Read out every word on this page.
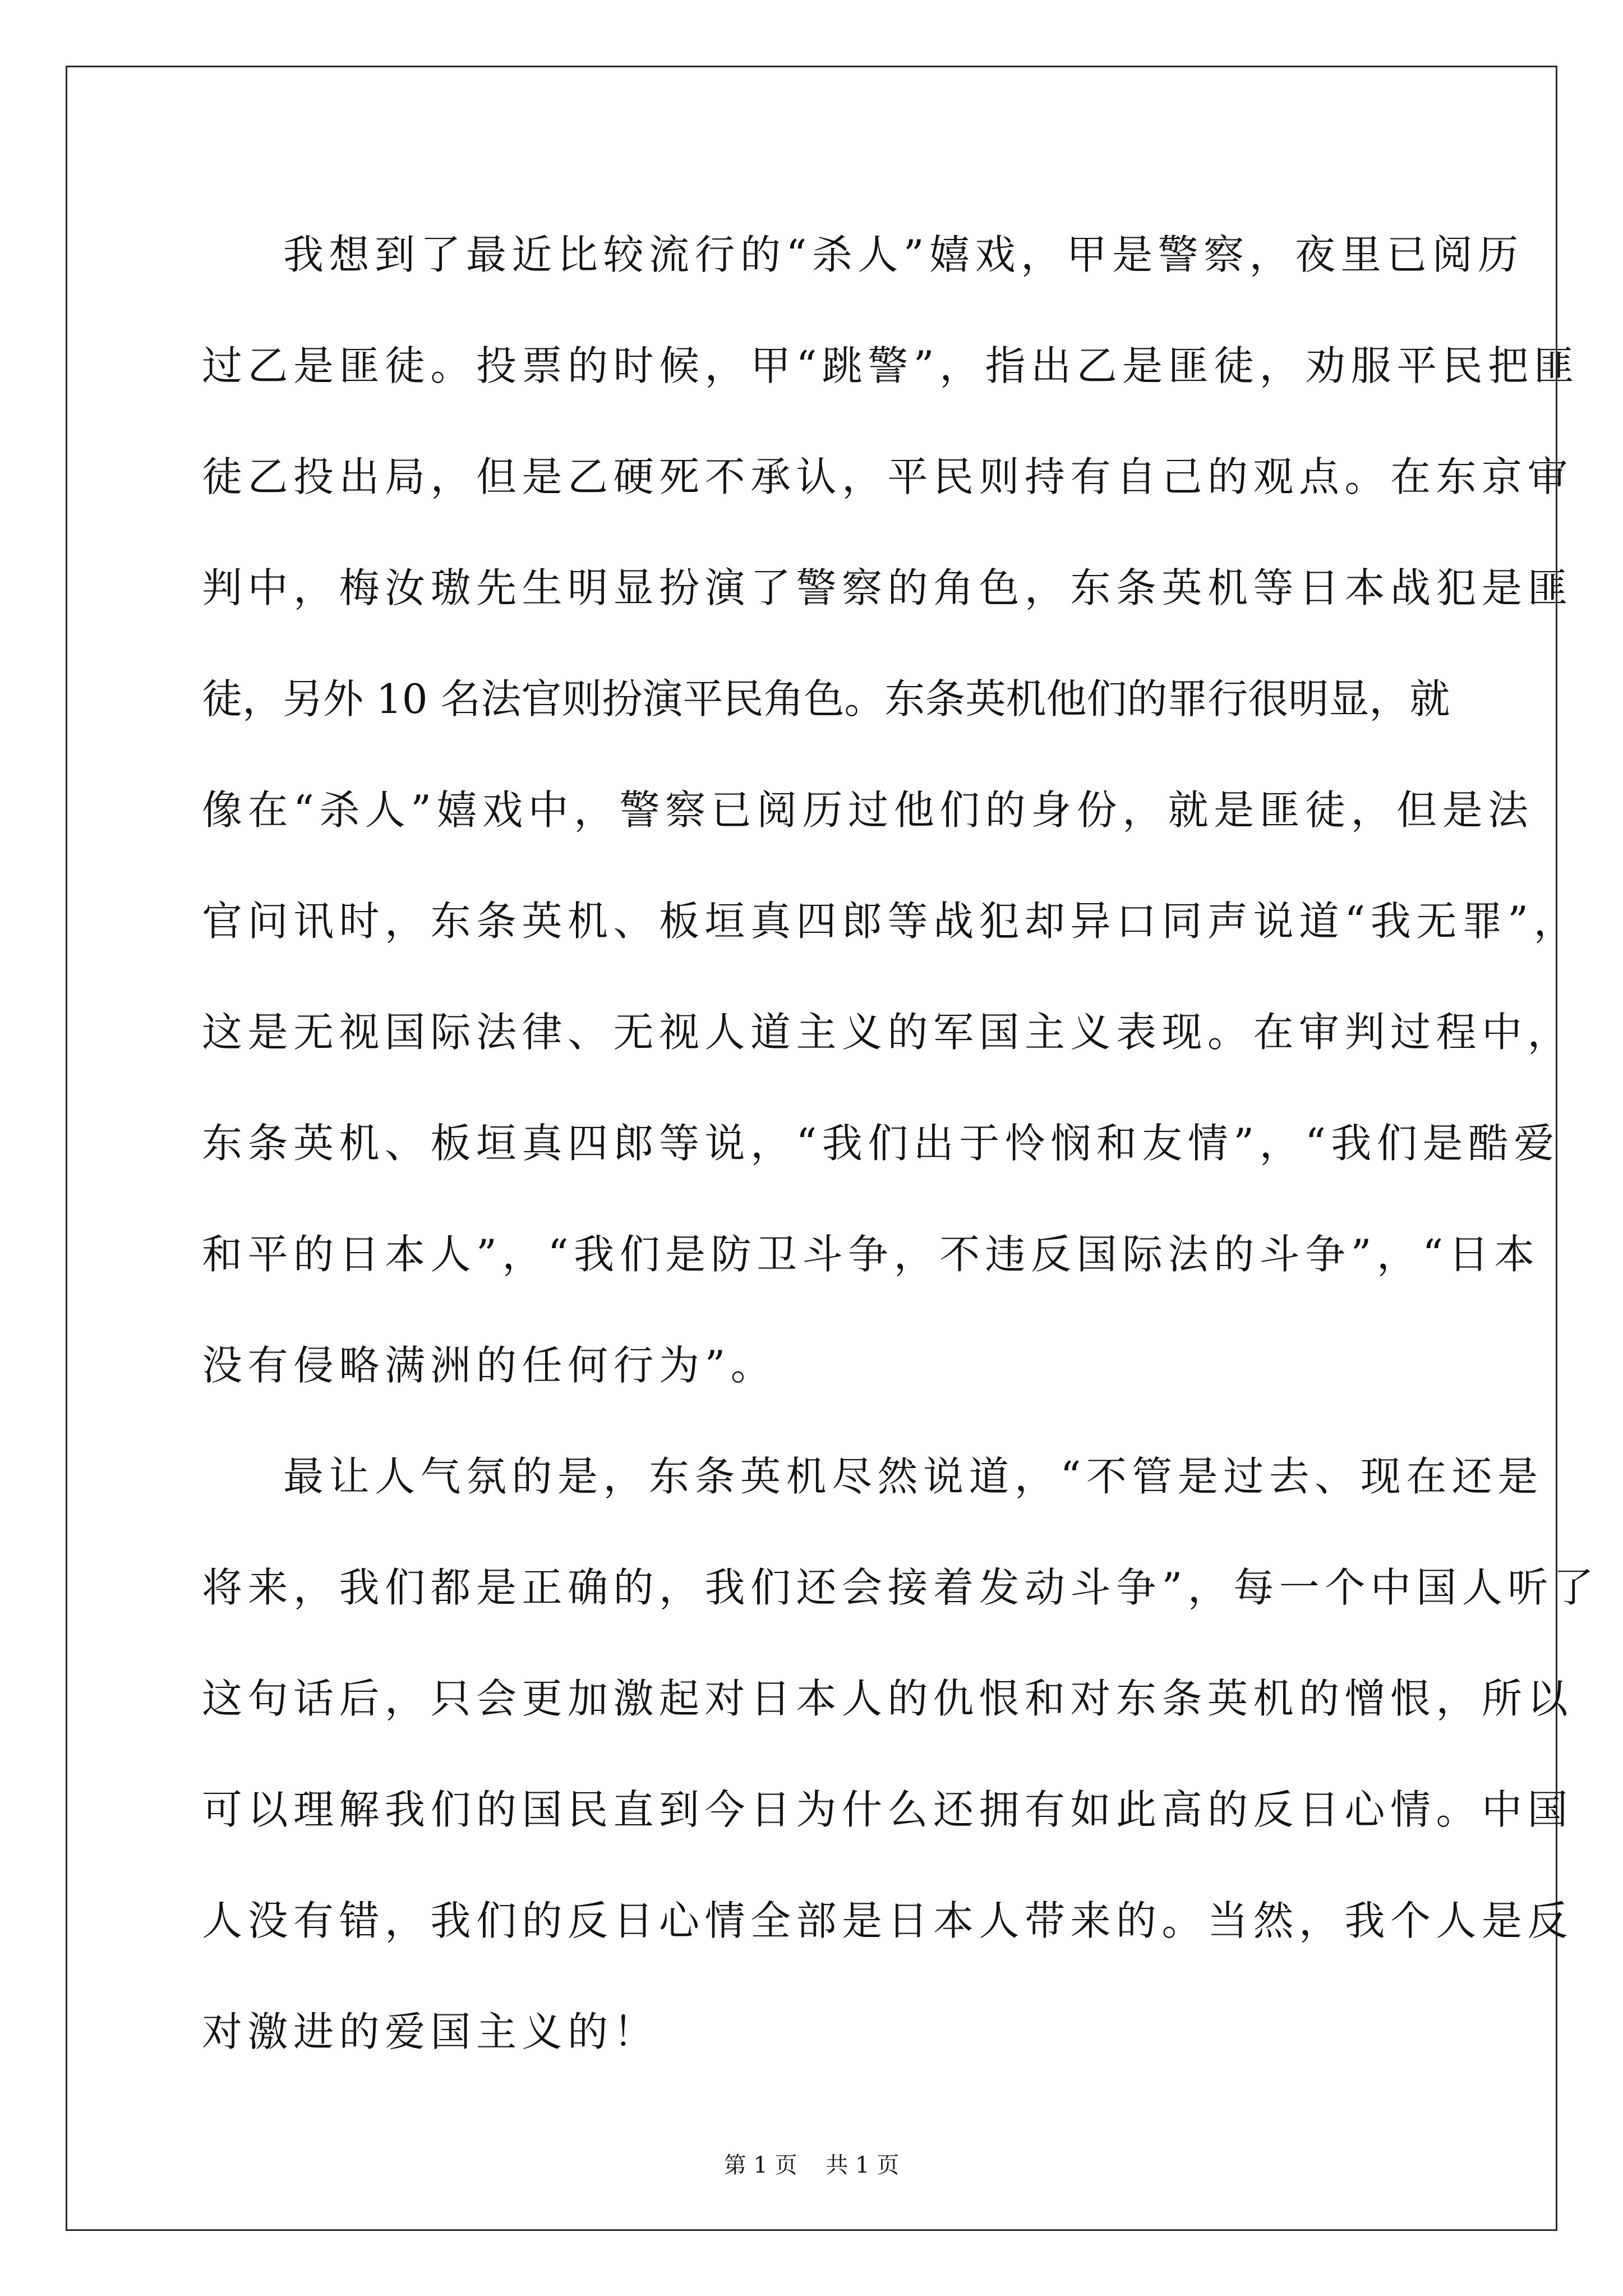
我想到了最近比较流行的“杀人”嬉戏，甲是警察，夜里已阅历
过乙是匪徒。投票的时候，甲“跳警”，指出乙是匪徒，劝服平民把匪
徒乙投出局，但是乙硬死不承认，平民则持有自己的观点。在东京审
判中，梅汝璈先生明显扮演了警察的角色，东条英机等日本战犯是匪
徒，另外 10 名法官则扮演平民角色。东条英机他们的罪行很明显，就
像在“杀人”嬉戏中，警察已阅历过他们的身份，就是匪徒，但是法
官问讯时，东条英机、板垣真四郎等战犯却异口同声说道“我无罪”，
这是无视国际法律、无视人道主义的军国主义表现。在审判过程中，
东条英机、板垣真四郎等说，“我们出于怜悯和友情”，“我们是酷爱
和平的日本人”，“我们是防卫斗争，不违反国际法的斗争”，“日本
没有侵略满洲的任何行为”。
最让人气氛的是，东条英机尽然说道，“不管是过去、现在还是
将来，我们都是正确的，我们还会接着发动斗争”，每一个中国人听了
这句话后，只会更加激起对日本人的仇恨和对东条英机的憎恨，所以
可以理解我们的国民直到今日为什么还拥有如此高的反日心情。中国
人没有错，我们的反日心情全部是日本人带来的。当然，我个人是反
对激进的爱国主义的！
第 1 页    共 1 页
